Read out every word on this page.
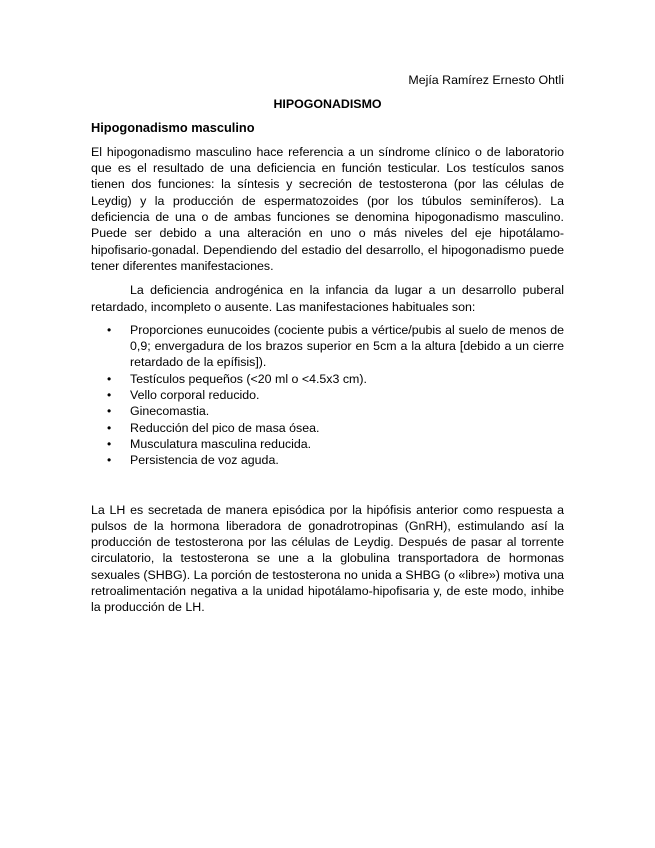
Mejía Ramírez Ernesto Ohtli

HIPOGONADISMO

Hipogonadismo masculino

El hipogonadismo masculino hace referencia a un síndrome clínico o de laboratorio que es el resultado de una deficiencia en función testicular. Los testículos sanos tienen dos funciones: la síntesis y secreción de testosterona (por las células de Leydig) y la producción de espermatozoides (por los túbulos seminíferos). La deficiencia de una o de ambas funciones se denomina hipogonadismo masculino. Puede ser debido a una alteración en uno o más niveles del eje hipotálamo-hipofisario-gonadal. Dependiendo del estadio del desarrollo, el hipogonadismo puede tener diferentes manifestaciones.

La deficiencia androgénica en la infancia da lugar a un desarrollo puberal retardado, incompleto o ausente. Las manifestaciones habituales son:

• Proporciones eunucoides (cociente pubis a vértice/pubis al suelo de menos de 0,9; envergadura de los brazos superior en 5cm a la altura [debido a un cierre retardado de la epífisis]).
• Testículos pequeños (<20 ml o <4.5x3 cm).
• Vello corporal reducido.
• Ginecomastia.
• Reducción del pico de masa ósea.
• Musculatura masculina reducida.
• Persistencia de voz aguda.

La LH es secretada de manera episódica por la hipófisis anterior como respuesta a pulsos de la hormona liberadora de gonadrotropinas (GnRH), estimulando así la producción de testosterona por las células de Leydig. Después de pasar al torrente circulatorio, la testosterona se une a la globulina transportadora de hormonas sexuales (SHBG). La porción de testosterona no unida a SHBG (o «libre») motiva una retroalimentación negativa a la unidad hipotálamo-hipofisaria y, de este modo, inhibe la producción de LH.
